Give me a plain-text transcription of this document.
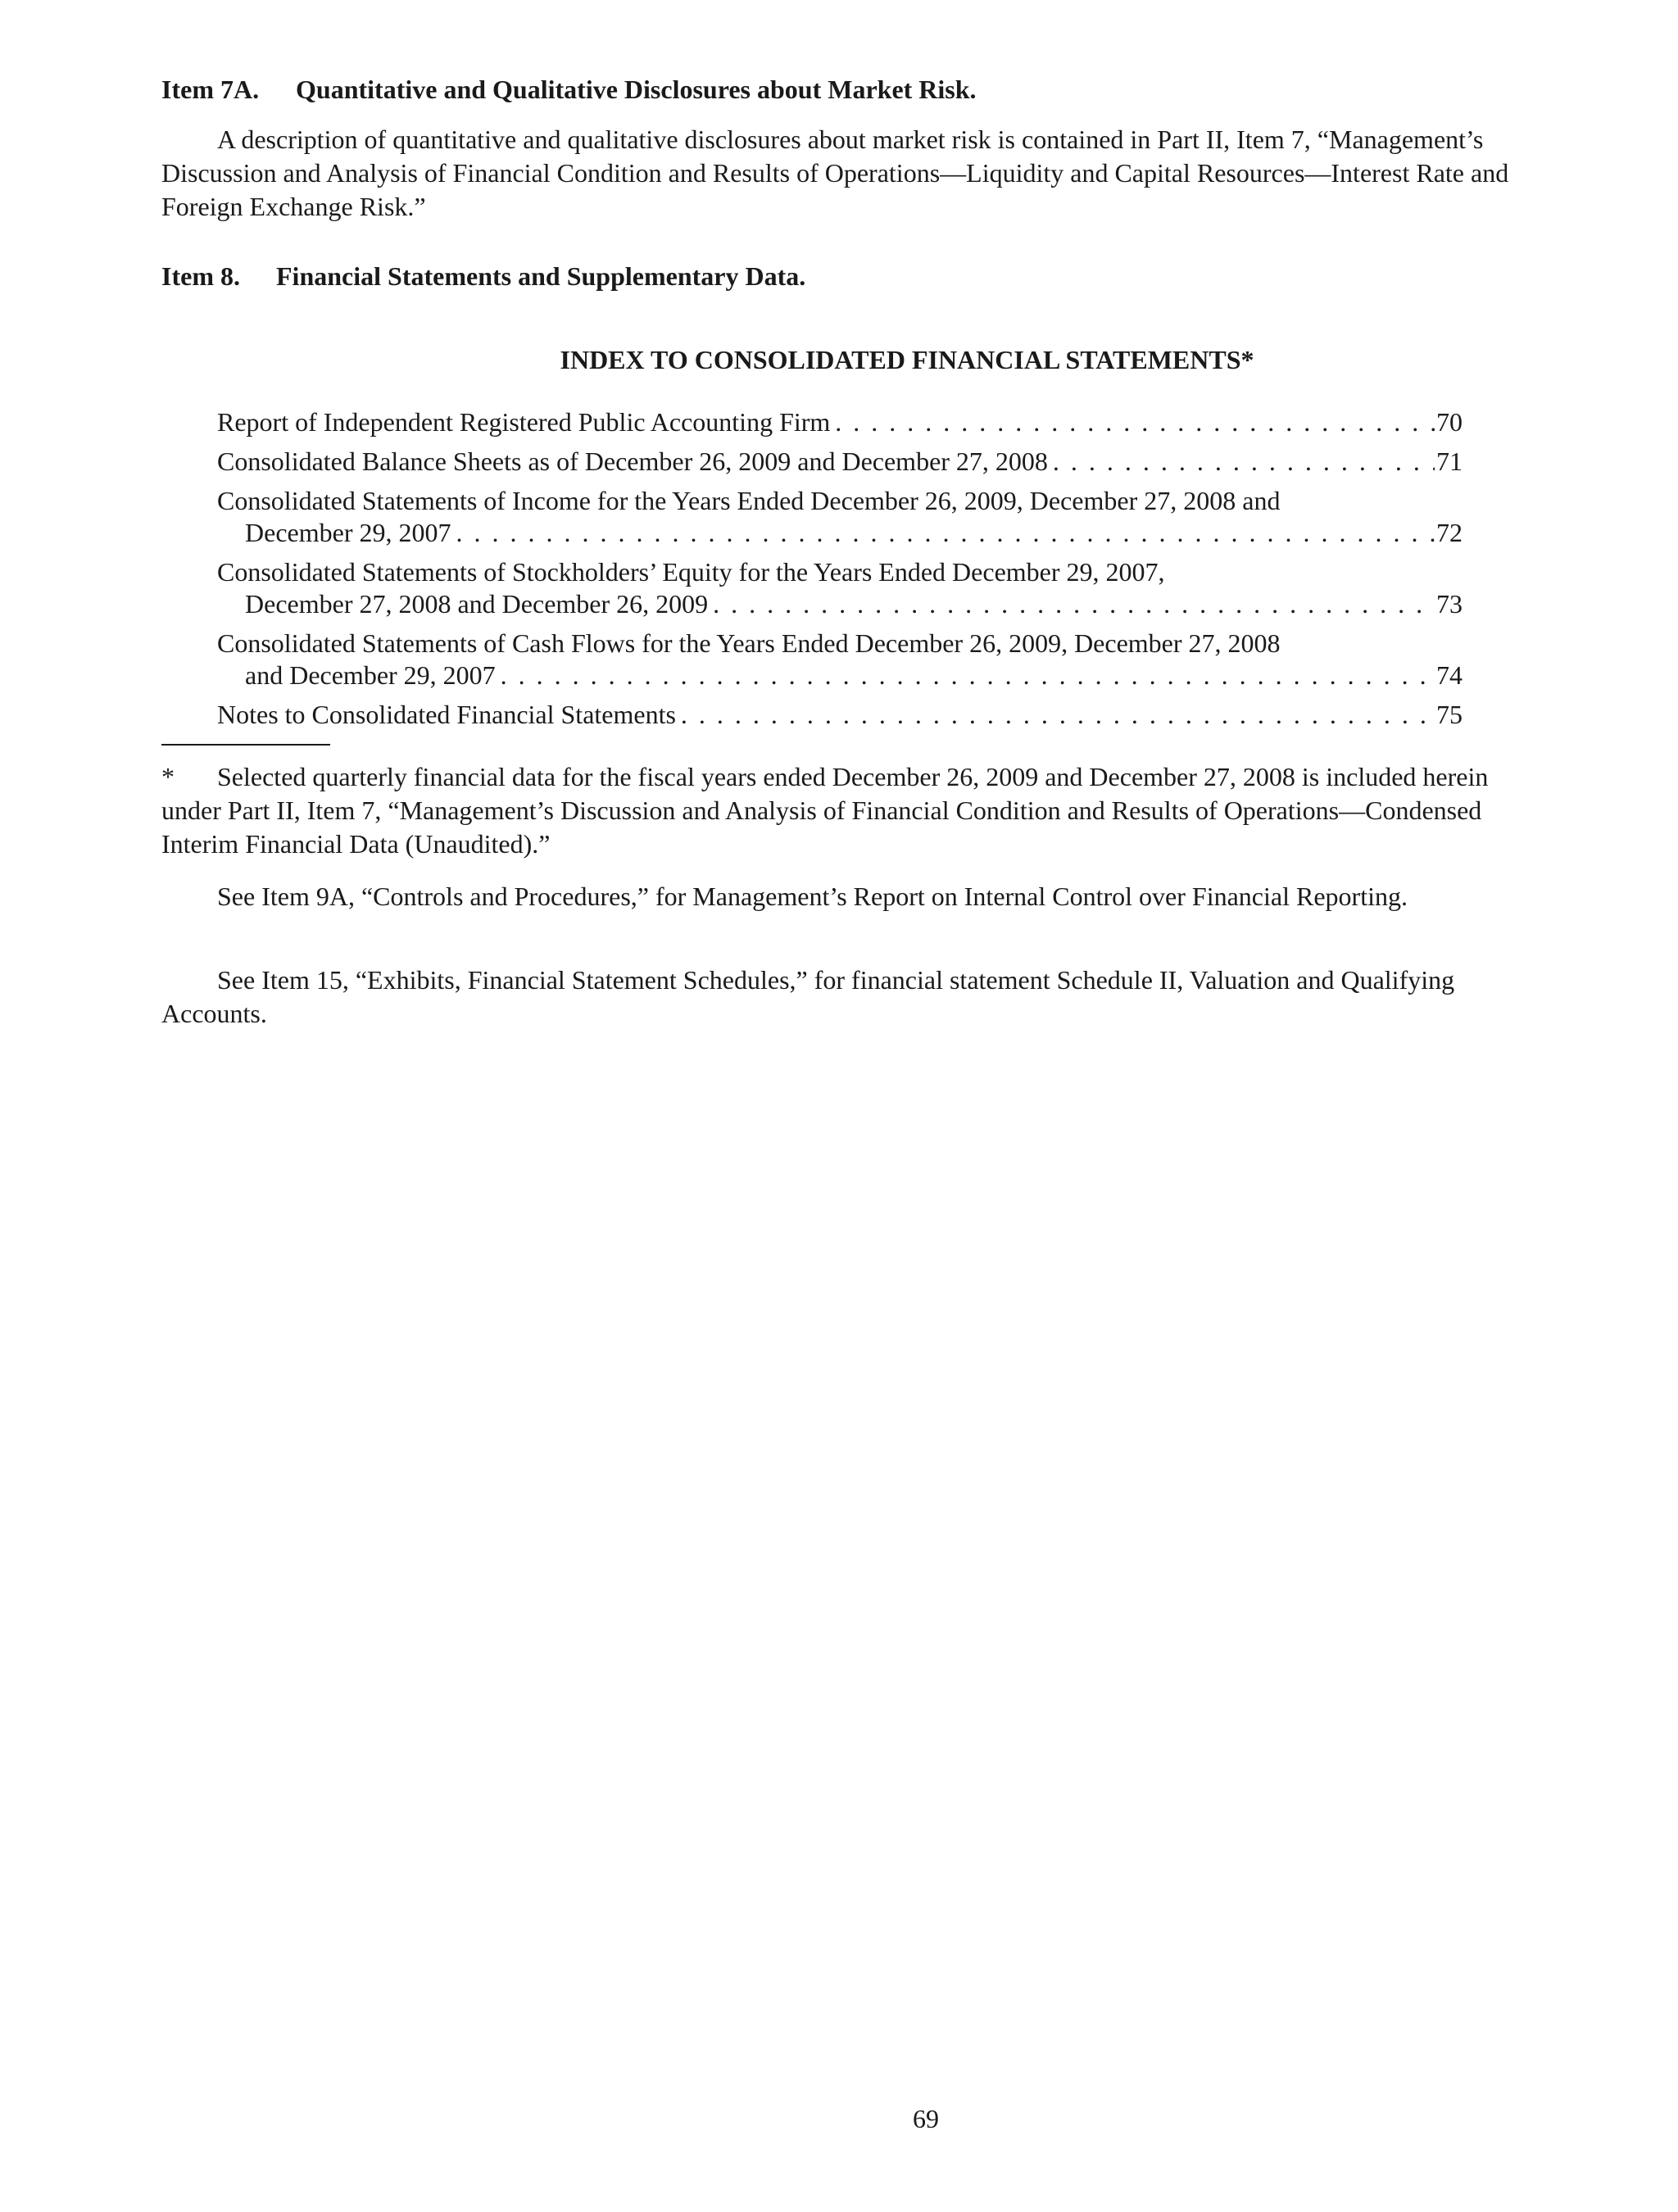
Item 7A. Quantitative and Qualitative Disclosures about Market Risk.

A description of quantitative and qualitative disclosures about market risk is contained in Part II, Item 7, “Management’s Discussion and Analysis of Financial Condition and Results of Operations—Liquidity and Capital Resources—Interest Rate and Foreign Exchange Risk.”

Item 8. Financial Statements and Supplementary Data.
INDEX TO CONSOLIDATED FINANCIAL STATEMENTS*
Report of Independent Registered Public Accounting Firm . . .	70
Consolidated Balance Sheets as of December 26, 2009 and December 27, 2008 . . .	71
Consolidated Statements of Income for the Years Ended December 26, 2009, December 27, 2008 and
December 29, 2007 . . .	72
Consolidated Statements of Stockholders’ Equity for the Years Ended December 29, 2007,
December 27, 2008 and December 26, 2009 . . .	73
Consolidated Statements of Cash Flows for the Years Ended December 26, 2009, December 27, 2008
and December 29, 2007 . . .	74
Notes to Consolidated Financial Statements . . .	75

* Selected quarterly financial data for the fiscal years ended December 26, 2009 and December 27, 2008 is included herein under Part II, Item 7, “Management’s Discussion and Analysis of Financial Condition and Results of Operations—Condensed Interim Financial Data (Unaudited).”

See Item 9A, “Controls and Procedures,” for Management’s Report on Internal Control over Financial Reporting.

See Item 15, “Exhibits, Financial Statement Schedules,” for financial statement Schedule II, Valuation and Qualifying Accounts.

69
